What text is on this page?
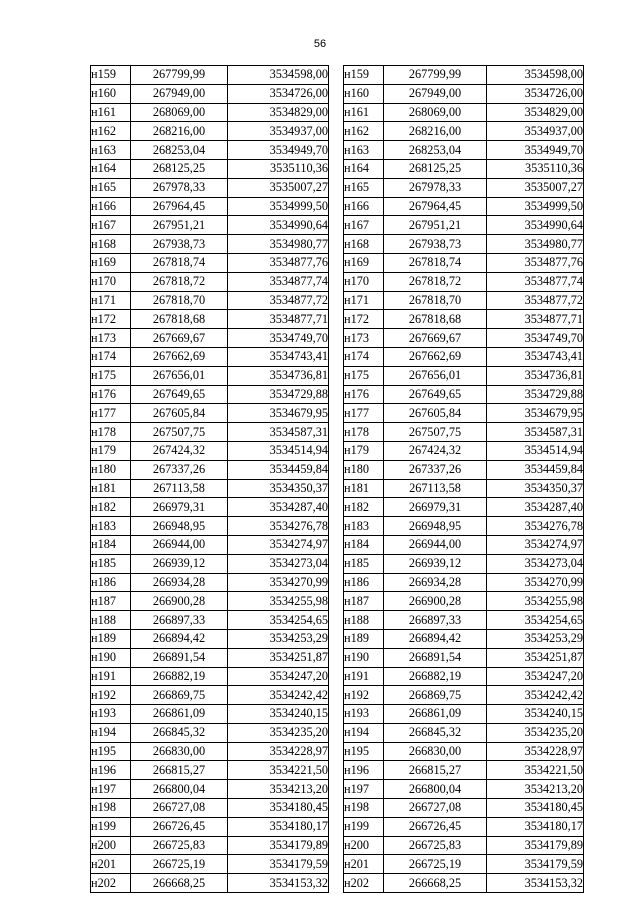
56
н159	267799,99	3534598,00
н160	267949,00	3534726,00
н161	268069,00	3534829,00
н162	268216,00	3534937,00
н163	268253,04	3534949,70
н164	268125,25	3535110,36
н165	267978,33	3535007,27
н166	267964,45	3534999,50
н167	267951,21	3534990,64
н168	267938,73	3534980,77
н169	267818,74	3534877,76
н170	267818,72	3534877,74
н171	267818,70	3534877,72
н172	267818,68	3534877,71
н173	267669,67	3534749,70
н174	267662,69	3534743,41
н175	267656,01	3534736,81
н176	267649,65	3534729,88
н177	267605,84	3534679,95
н178	267507,75	3534587,31
н179	267424,32	3534514,94
н180	267337,26	3534459,84
н181	267113,58	3534350,37
н182	266979,31	3534287,40
н183	266948,95	3534276,78
н184	266944,00	3534274,97
н185	266939,12	3534273,04
н186	266934,28	3534270,99
н187	266900,28	3534255,98
н188	266897,33	3534254,65
н189	266894,42	3534253,29
н190	266891,54	3534251,87
н191	266882,19	3534247,20
н192	266869,75	3534242,42
н193	266861,09	3534240,15
н194	266845,32	3534235,20
н195	266830,00	3534228,97
н196	266815,27	3534221,50
н197	266800,04	3534213,20
н198	266727,08	3534180,45
н199	266726,45	3534180,17
н200	266725,83	3534179,89
н201	266725,19	3534179,59
н202	266668,25	3534153,32
н159	267799,99	3534598,00
н160	267949,00	3534726,00
н161	268069,00	3534829,00
н162	268216,00	3534937,00
н163	268253,04	3534949,70
н164	268125,25	3535110,36
н165	267978,33	3535007,27
н166	267964,45	3534999,50
н167	267951,21	3534990,64
н168	267938,73	3534980,77
н169	267818,74	3534877,76
н170	267818,72	3534877,74
н171	267818,70	3534877,72
н172	267818,68	3534877,71
н173	267669,67	3534749,70
н174	267662,69	3534743,41
н175	267656,01	3534736,81
н176	267649,65	3534729,88
н177	267605,84	3534679,95
н178	267507,75	3534587,31
н179	267424,32	3534514,94
н180	267337,26	3534459,84
н181	267113,58	3534350,37
н182	266979,31	3534287,40
н183	266948,95	3534276,78
н184	266944,00	3534274,97
н185	266939,12	3534273,04
н186	266934,28	3534270,99
н187	266900,28	3534255,98
н188	266897,33	3534254,65
н189	266894,42	3534253,29
н190	266891,54	3534251,87
н191	266882,19	3534247,20
н192	266869,75	3534242,42
н193	266861,09	3534240,15
н194	266845,32	3534235,20
н195	266830,00	3534228,97
н196	266815,27	3534221,50
н197	266800,04	3534213,20
н198	266727,08	3534180,45
н199	266726,45	3534180,17
н200	266725,83	3534179,89
н201	266725,19	3534179,59
н202	266668,25	3534153,32
